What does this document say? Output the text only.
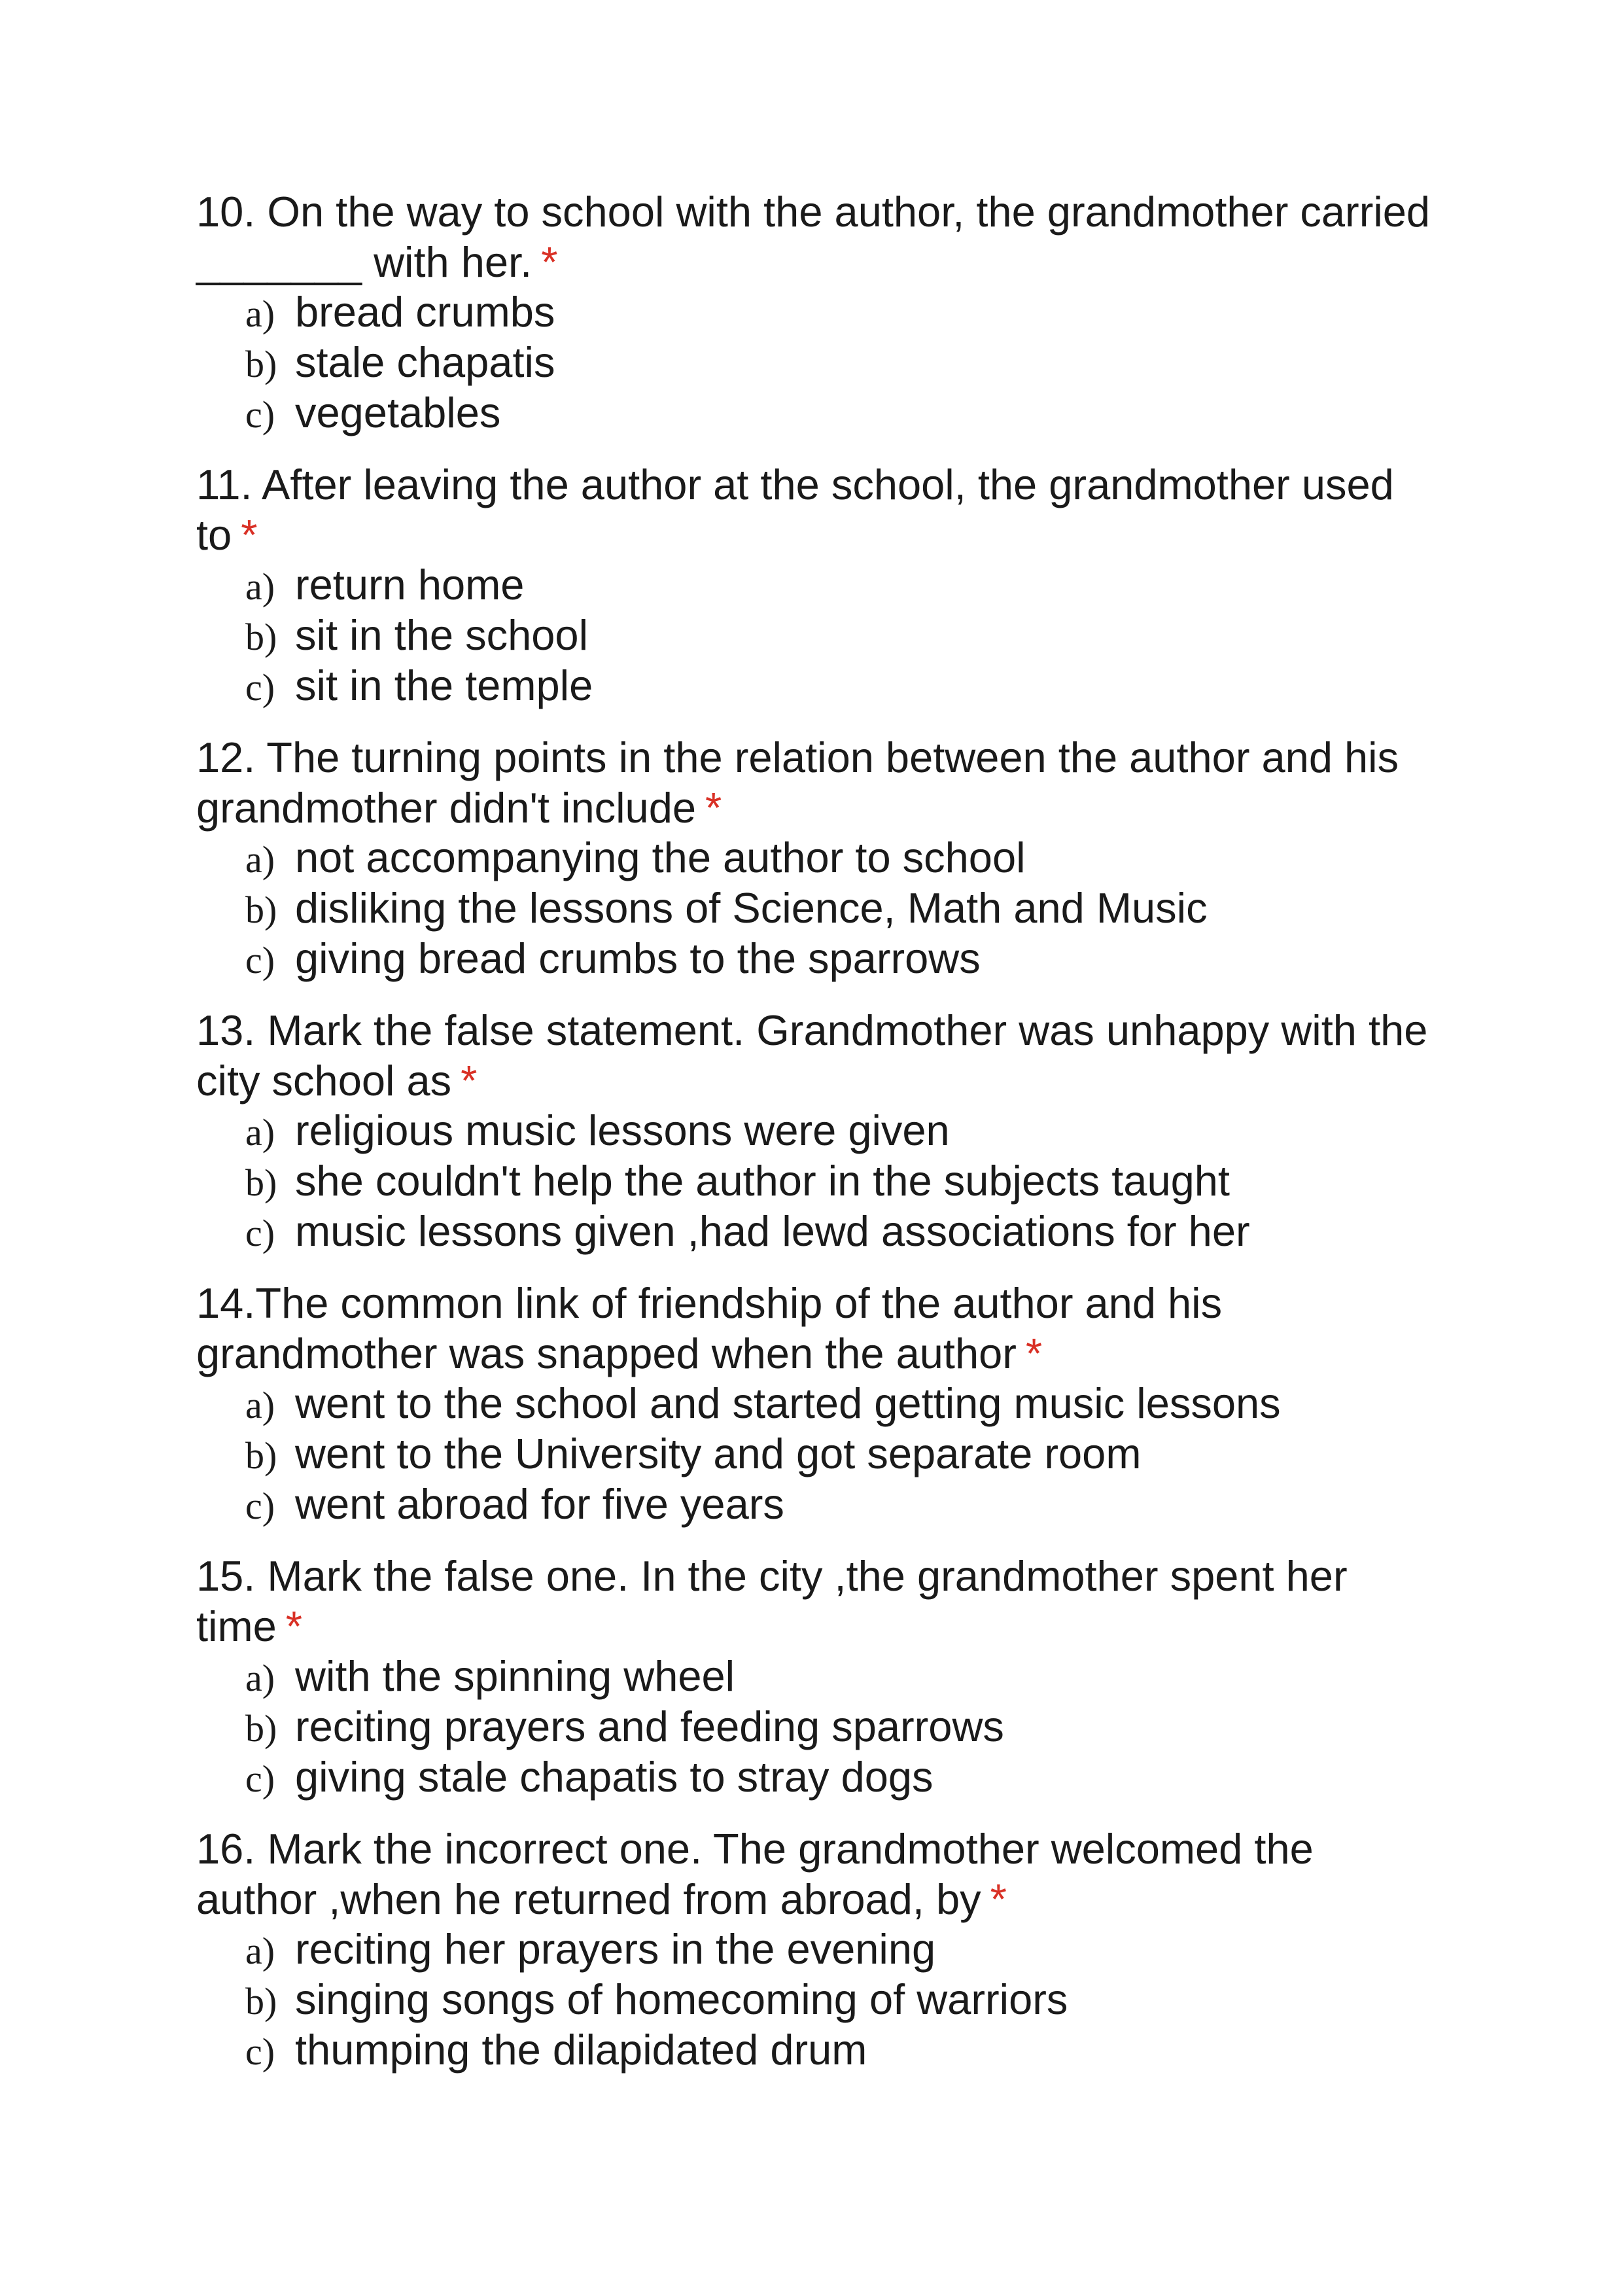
10. On the way to school with the author, the grandmother carried _______ with her. *

a) bread crumbs
b) stale chapatis
c) vegetables

11. After leaving the author at the school, the grandmother used to *

a) return home
b) sit in the school
c) sit in the temple

12. The turning points in the relation between the author and his grandmother didn't include *

a) not accompanying the author to school
b) disliking the lessons of Science, Math and Music
c) giving bread crumbs to the sparrows

13. Mark the false statement. Grandmother was unhappy with the city school as *

a) religious music lessons were given
b) she couldn't help the author in the subjects taught
c) music lessons given ,had lewd associations for her

14.The common link of friendship of the author and his grandmother was snapped when the author *

a) went to the school and started getting music lessons
b) went to the University and got separate room
c) went abroad for five years

15. Mark the false one. In the city ,the grandmother spent her time *

a) with the spinning wheel
b) reciting prayers and feeding sparrows
c) giving stale chapatis to stray dogs

16. Mark the incorrect one. The grandmother welcomed the author ,when he returned from abroad, by *

a) reciting her prayers in the evening
b) singing songs of homecoming of warriors
c) thumping the dilapidated drum
